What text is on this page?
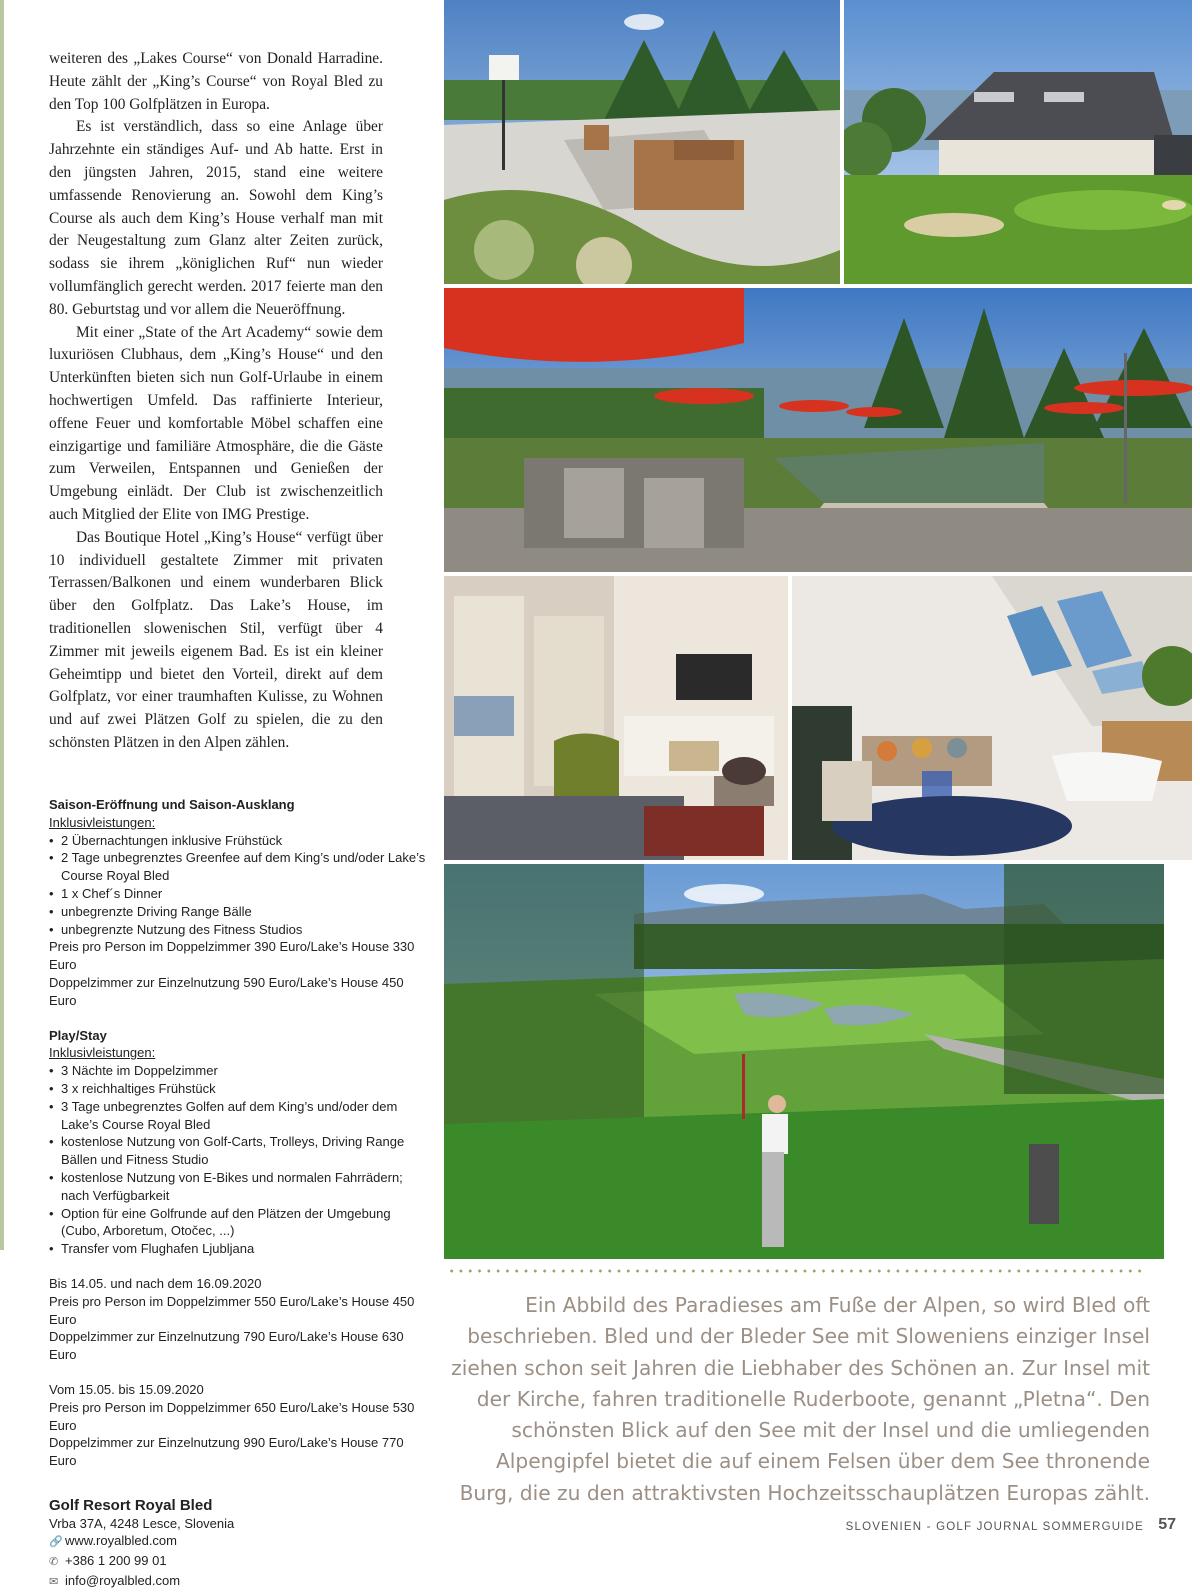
weiteren des „Lakes Course“ von Donald Harradine. Heute zählt der „King’s Course“ von Royal Bled zu den Top 100 Golfplätzen in Europa.

Es ist verständlich, dass so eine Anlage über Jahrzehnte ein ständiges Auf- und Ab hatte. Erst in den jüngsten Jahren, 2015, stand eine weitere umfassende Renovierung an. Sowohl dem King’s Course als auch dem King’s House verhalf man mit der Neugestaltung zum Glanz alter Zeiten zurück, sodass sie ihrem „königlichen Ruf“ nun wieder vollumfänglich gerecht werden. 2017 feierte man den 80. Geburtstag und vor allem die Neueröffnung.

Mit einer „State of the Art Academy“ sowie dem luxuriösen Clubhaus, dem „King’s House“ und den Unterkünften bieten sich nun Golf-Urlaube in einem hochwertigen Umfeld. Das raffinierte Interieur, offene Feuer und komfortable Möbel schaffen eine einzigartige und familiäre Atmosphäre, die die Gäste zum Verweilen, Entspannen und Genießen der Umgebung einlädt. Der Club ist zwischenzeitlich auch Mitglied der Elite von IMG Prestige.

Das Boutique Hotel „King’s House“ verfügt über 10 individuell gestaltete Zimmer mit privaten Terrassen/Balkonen und einem wunderbaren Blick über den Golfplatz. Das Lake’s House, im traditionellen slowenischen Stil, verfügt über 4 Zimmer mit jeweils eigenem Bad. Es ist ein kleiner Geheimtipp und bietet den Vorteil, direkt auf dem Golfplatz, vor einer traumhaften Kulisse, zu Wohnen und auf zwei Plätzen Golf zu spielen, die zu den schönsten Plätzen in den Alpen zählen.

Saison-Eröffnung und Saison-Ausklang
Inklusivleistungen:
• 2 Übernachtungen inklusive Frühstück
• 2 Tage unbegrenztes Greenfee auf dem King’s und/oder Lake’s Course Royal Bled
• 1 x Chef´s Dinner
• unbegrenzte Driving Range Bälle
• unbegrenzte Nutzung des Fitness Studios
Preis pro Person im Doppelzimmer 390 Euro/Lake’s House 330 Euro
Doppelzimmer zur Einzelnutzung 590 Euro/Lake’s House 450 Euro
Play/Stay
Inklusivleistungen:
• 3 Nächte im Doppelzimmer
• 3 x reichhaltiges Frühstück
• 3 Tage unbegrenztes Golfen auf dem King’s und/oder dem Lake’s Course Royal Bled
• kostenlose Nutzung von Golf-Carts, Trolleys, Driving Range Bällen und Fitness Studio
• kostenlose Nutzung von E-Bikes und normalen Fahrrädern; nach Verfügbarkeit
• Option für eine Golfrunde auf den Plätzen der Umgebung (Cubo, Arboretum, Otočec, ...)
• Transfer vom Flughafen Ljubljana
Bis 14.05. und nach dem 16.09.2020
Preis pro Person im Doppelzimmer 550 Euro/Lake’s House 450 Euro
Doppelzimmer zur Einzelnutzung 790 Euro/Lake’s House 630 Euro
Vom 15.05. bis 15.09.2020
Preis pro Person im Doppelzimmer 650 Euro/Lake’s House 530 Euro
Doppelzimmer zur Einzelnutzung 990 Euro/Lake’s House 770 Euro
Golf Resort Royal Bled
Vrba 37A, 4248 Lesce, Slovenia
🔗 www.royalbled.com
✆ +386 1 200 99 01
✉ info@royalbled.com
Ein Abbild des Paradieses am Fuße der Alpen, so wird Bled oft beschrieben. Bled und der Bleder See mit Sloweniens einziger Insel ziehen schon seit Jahren die Liebhaber des Schönen an. Zur Insel mit der Kirche, fahren traditionelle Ruderboote, genannt „Pletna“. Den schönsten Blick auf den See mit der Insel und die umliegenden Alpengipfel bietet die auf einem Felsen über dem See thronende Burg, die zu den attraktivsten Hochzeitsschauplätzen Europas zählt.
SLOVENIEN - GOLF JOURNAL SOMMERGUIDE 57
